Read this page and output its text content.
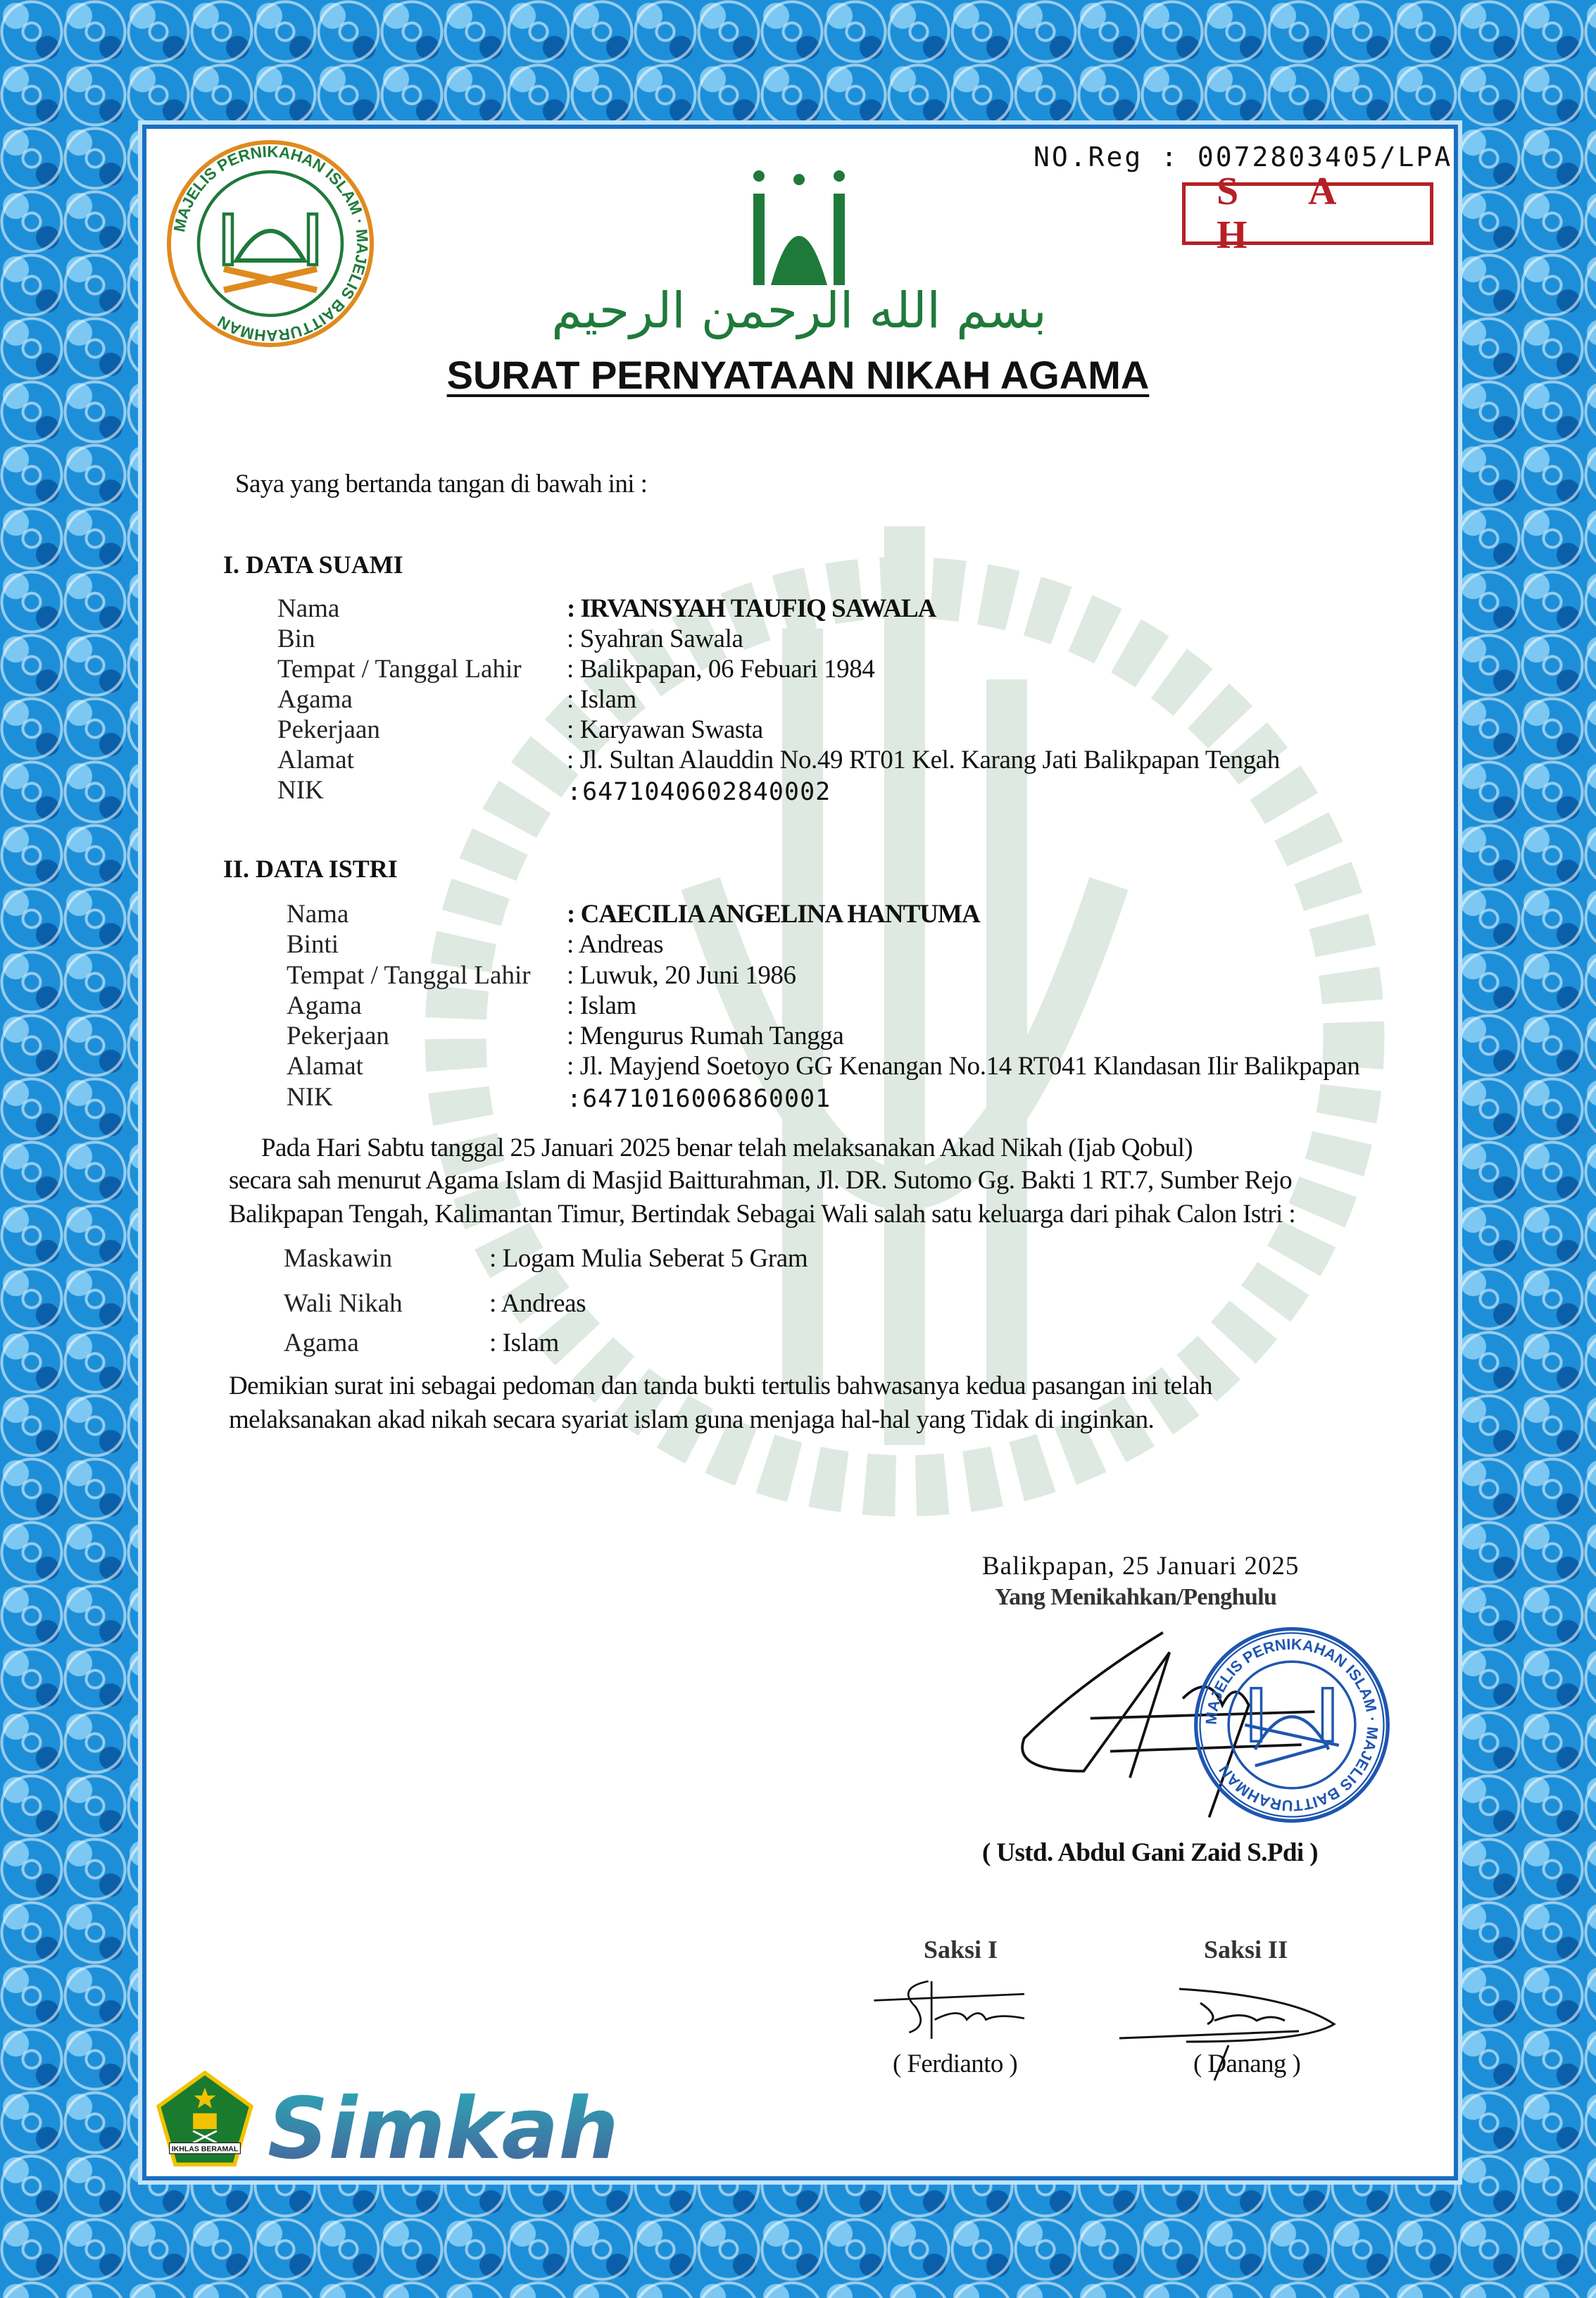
MAJELIS PERNIKAHAN ISLAM · MAJELIS BAITTURAHMAN	بسم الله الرحمن الرحيم
NO.Reg : 0072803405/LPA
S A H
SURAT PERNYATAAN NIKAH AGAMA
Saya yang bertanda tangan di bawah ini :
I. DATA SUAMI
Nama	: IRVANSYAH TAUFIQ SAWALA
Bin	: Syahran Sawala
Tempat / Tanggal Lahir : Balikpapan, 06 Febuari 1984
Agama	: Islam
Pekerjaan	: Karyawan Swasta
Alamat	: Jl. Sultan Alauddin No.49 RT01 Kel. Karang Jati Balikpapan Tengah
NIK	:6471040602840002
II. DATA ISTRI
Nama	: CAECILIA ANGELINA HANTUMA
Binti	: Andreas
Tempat / Tanggal Lahir : Luwuk, 20 Juni 1986
Agama	: Islam
Pekerjaan	: Mengurus Rumah Tangga
Alamat	: Jl. Mayjend Soetoyo GG Kenangan No.14 RT041 Klandasan Ilir Balikpapan
NIK	:6471016006860001
Pada Hari Sabtu tanggal 25 Januari 2025 benar telah melaksanakan Akad Nikah (Ijab Qobul)
secara sah menurut Agama Islam di Masjid Baitturahman, Jl. DR. Sutomo Gg. Bakti 1 RT.7, Sumber Rejo
Balikpapan Tengah, Kalimantan Timur, Bertindak Sebagai Wali salah satu keluarga dari pihak Calon Istri :
Maskawin	: Logam Mulia Seberat 5 Gram
Wali Nikah	: Andreas
Agama	: Islam
Demikian surat ini sebagai pedoman dan tanda bukti tertulis bahwasanya kedua pasangan ini telah
melaksanakan akad nikah secara syariat islam guna menjaga hal-hal yang Tidak di inginkan.
Balikpapan, 25 Januari 2025
Yang Menikahkan/Penghulu
MAJELIS PERNIKAHAN ISLAM · MAJELIS BAITTURAHMAN
( Ustd. Abdul Gani Zaid S.Pdi )
Saksi I	Saksi II
( Ferdianto )	( Danang )
IKHLAS BERAMAL Simkah
